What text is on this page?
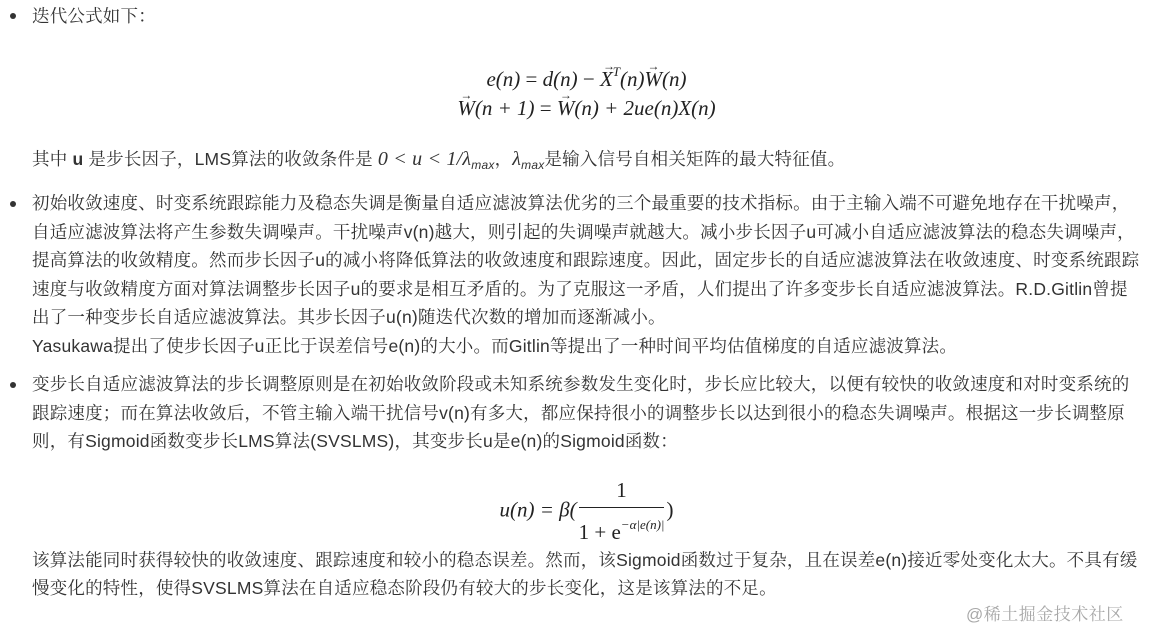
迭代公式如下：

e(n) = d(n) − → $X^T(n)\to W(n)$
→ W(n + 1) = → W(n) + 2ue(n)X(n)

其中 u 是步长因子，LMS算法的收敛条件是 $0 < u < 1/\lambda_{max}$，$\lambda_{max}$是输入信号自相关矩阵的最大特征值。

初始收敛速度、时变系统跟踪能力及稳态失调是衡量自适应滤波算法优劣的三个最重要的技术指标。由于主输入端不可避免地存在干扰噪声，自适应滤波算法将产生参数失调噪声。干扰噪声v(n)越大，则引起的失调噪声就越大。减小步长因子u可减小自适应滤波算法的稳态失调噪声，提高算法的收敛精度。然而步长因子u的减小将降低算法的收敛速度和跟踪速度。因此，固定步长的自适应滤波算法在收敛速度、时变系统跟踪速度与收敛精度方面对算法调整步长因子u的要求是相互矛盾的。为了克服这一矛盾，人们提出了许多变步长自适应滤波算法。R.D.Gitlin曾提出了一种变步长自适应滤波算法。其步长因子u(n)随迭代次数的增加而逐渐减小。
Yasukawa提出了使步长因子u正比于误差信号e(n)的大小。而Gitlin等提出了一种时间平均估值梯度的自适应滤波算法。

变步长自适应滤波算法的步长调整原则是在初始收敛阶段或未知系统参数发生变化时，步长应比较大，以便有较快的收敛速度和对时变系统的跟踪速度；而在算法收敛后，不管主输入端干扰信号v(n)有多大，都应保持很小的调整步长以达到很小的稳态失调噪声。根据这一步长调整原则，有Sigmoid函数变步长LMS算法(SVSLMS)，其变步长u是e(n)的Sigmoid函数：

$u(n) = \beta( \frac{1}{1 + e^{-\alpha|e(n)|}}$ )

该算法能同时获得较快的收敛速度、跟踪速度和较小的稳态误差。然而，该Sigmoid函数过于复杂，且在误差e(n)接近零处变化太大。不具有缓慢变化的特性，使得SVSLMS算法在自适应稳态阶段仍有较大的步长变化，这是该算法的不足。

@稀土掘金技术社区
